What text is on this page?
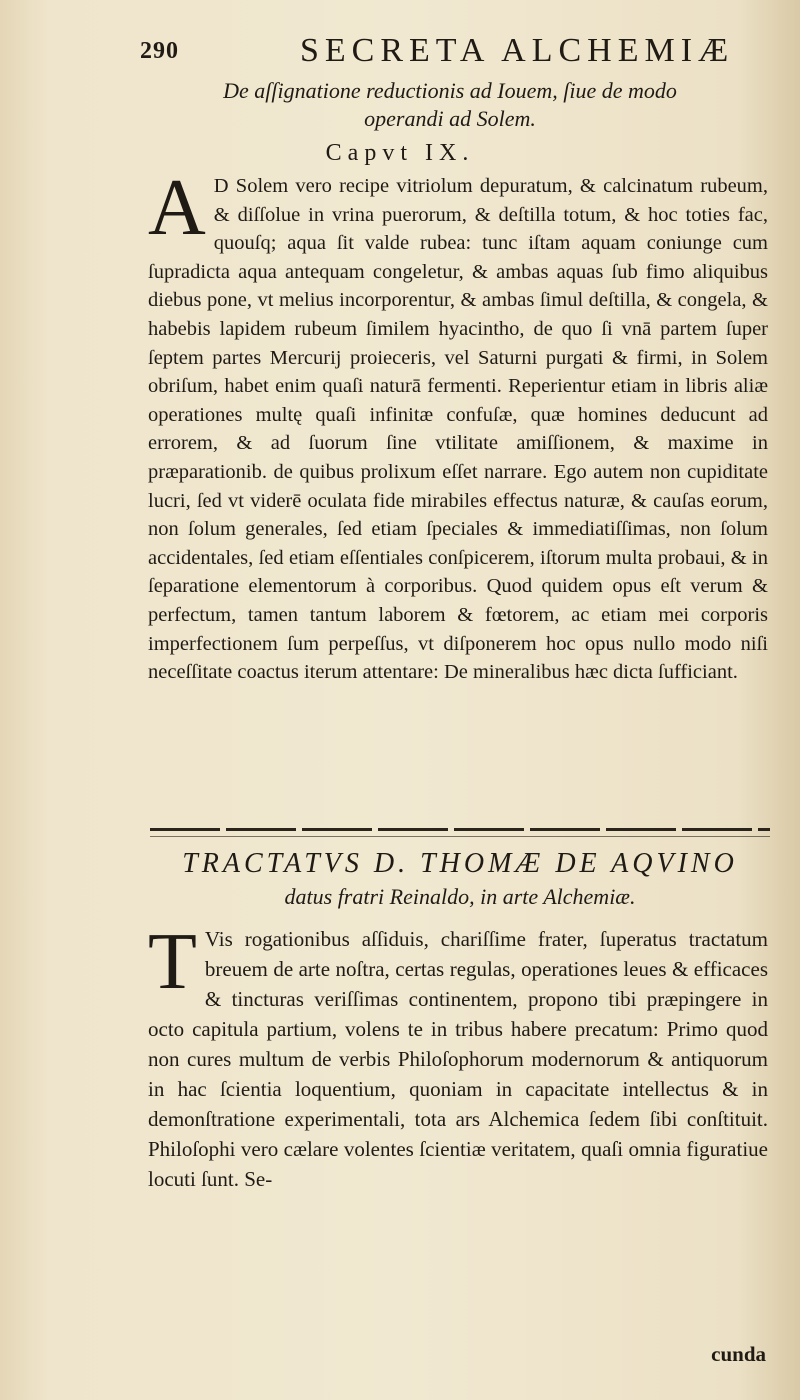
290	SECRETA ALCHEMIÆ
De aſſignatione reductionis ad Iouem, ſiue de modo
operandi ad Solem.
Capvt IX.

A D Solem vero recipe vitriolum depuratum, & calcinatum rubeum, & diſſolue in vrina puerorum, & deſtilla totum, & hoc toties fac, quouſq; aqua ſit valde rubea: tunc iſtam aquam coniunge cum ſupradicta aqua antequam congeletur, & ambas aquas ſub fimo aliquibus diebus pone, vt melius incorporentur, & ambas ſimul deſtilla, & congela, & habebis lapidem rubeum ſimilem hyacintho, de quo ſi vnā partem ſuper ſeptem partes Mercurij proieceris, vel Saturni purgati & firmi, in Solem obriſum, habet enim quaſi naturā fermenti. Reperientur etiam in libris aliæ operationes multę quaſi infinitæ confuſæ, quæ homines deducunt ad errorem, & ad ſuorum ſine vtilitate amiſſionem, & maxime in præparationib. de quibus prolixum eſſet narrare. Ego autem non cupiditate lucri, ſed vt viderē oculata fide mirabiles effectus naturæ, & cauſas eorum, non ſolum generales, ſed etiam ſpeciales & immediatiſſimas, non ſolum accidentales, ſed etiam eſſentiales conſpicerem, iſtorum multa probaui, & in ſeparatione elementorum à corporibus. Quod quidem opus eſt verum & perfectum, tamen tantum laborem & fœtorem, ac etiam mei corporis imperfectionem ſum perpeſſus, vt diſponerem hoc opus nullo modo niſi neceſſitate coactus iterum attentare: De mineralibus hæc dicta ſufficiant.

TRACTATVS D. THOMÆ DE AQVINO
datus fratri Reinaldo, in arte Alchemiæ.

T Vis rogationibus aſſiduis, chariſſime frater, ſuperatus tractatum breuem de arte noſtra, certas regulas, operationes leues & efficaces & tincturas veriſſimas continentem, propono tibi præpingere in octo capitula partium, volens te in tribus habere precatum: Primo quod non cures multum de verbis Philoſophorum modernorum & antiquorum in hac ſcientia loquentium, quoniam in capacitate intellectus & in demonſtratione experimentali, tota ars Alchemica ſedem ſibi conſtituit. Philoſophi vero cælare volentes ſcientiæ veritatem, quaſi omnia figuratiue locuti ſunt. Se-

cunda
